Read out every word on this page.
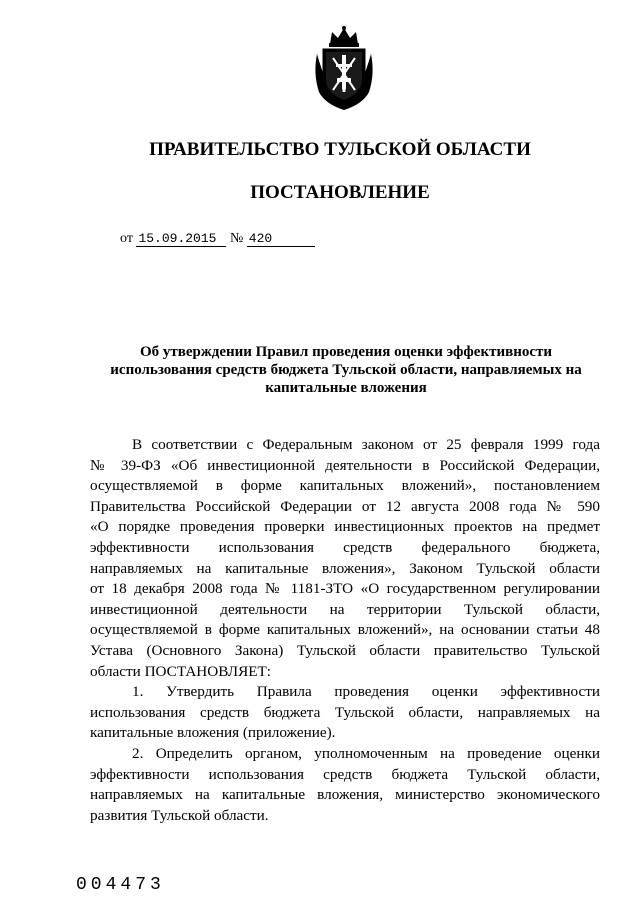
ПРАВИТЕЛЬСТВО ТУЛЬСКОЙ ОБЛАСТИ
ПОСТАНОВЛЕНИЕ
от 15.09.2015 № 420
Об утверждении Правил проведения оценки эффективности
использования средств бюджета Тульской области, направляемых на
капитальные вложения
В соответствии с Федеральным законом от 25 февраля 1999 года
№ 39-ФЗ «Об инвестиционной деятельности в Российской Федерации,
осуществляемой в форме капитальных вложений», постановлением
Правительства Российской Федерации от 12 августа 2008 года № 590
«О порядке проведения проверки инвестиционных проектов на предмет
эффективности использования средств федерального бюджета,
направляемых на капитальные вложения», Законом Тульской области
от 18 декабря 2008 года № 1181-ЗТО «О государственном регулировании
инвестиционной деятельности на территории Тульской области,
осуществляемой в форме капитальных вложений», на основании статьи 48
Устава (Основного Закона) Тульской области правительство Тульской
области ПОСТАНОВЛЯЕТ:
1. Утвердить Правила проведения оценки эффективности
использования средств бюджета Тульской области, направляемых на
капитальные вложения (приложение).
2. Определить органом, уполномоченным на проведение оценки
эффективности использования средств бюджета Тульской области,
направляемых на капитальные вложения, министерство экономического
развития Тульской области.
004473
